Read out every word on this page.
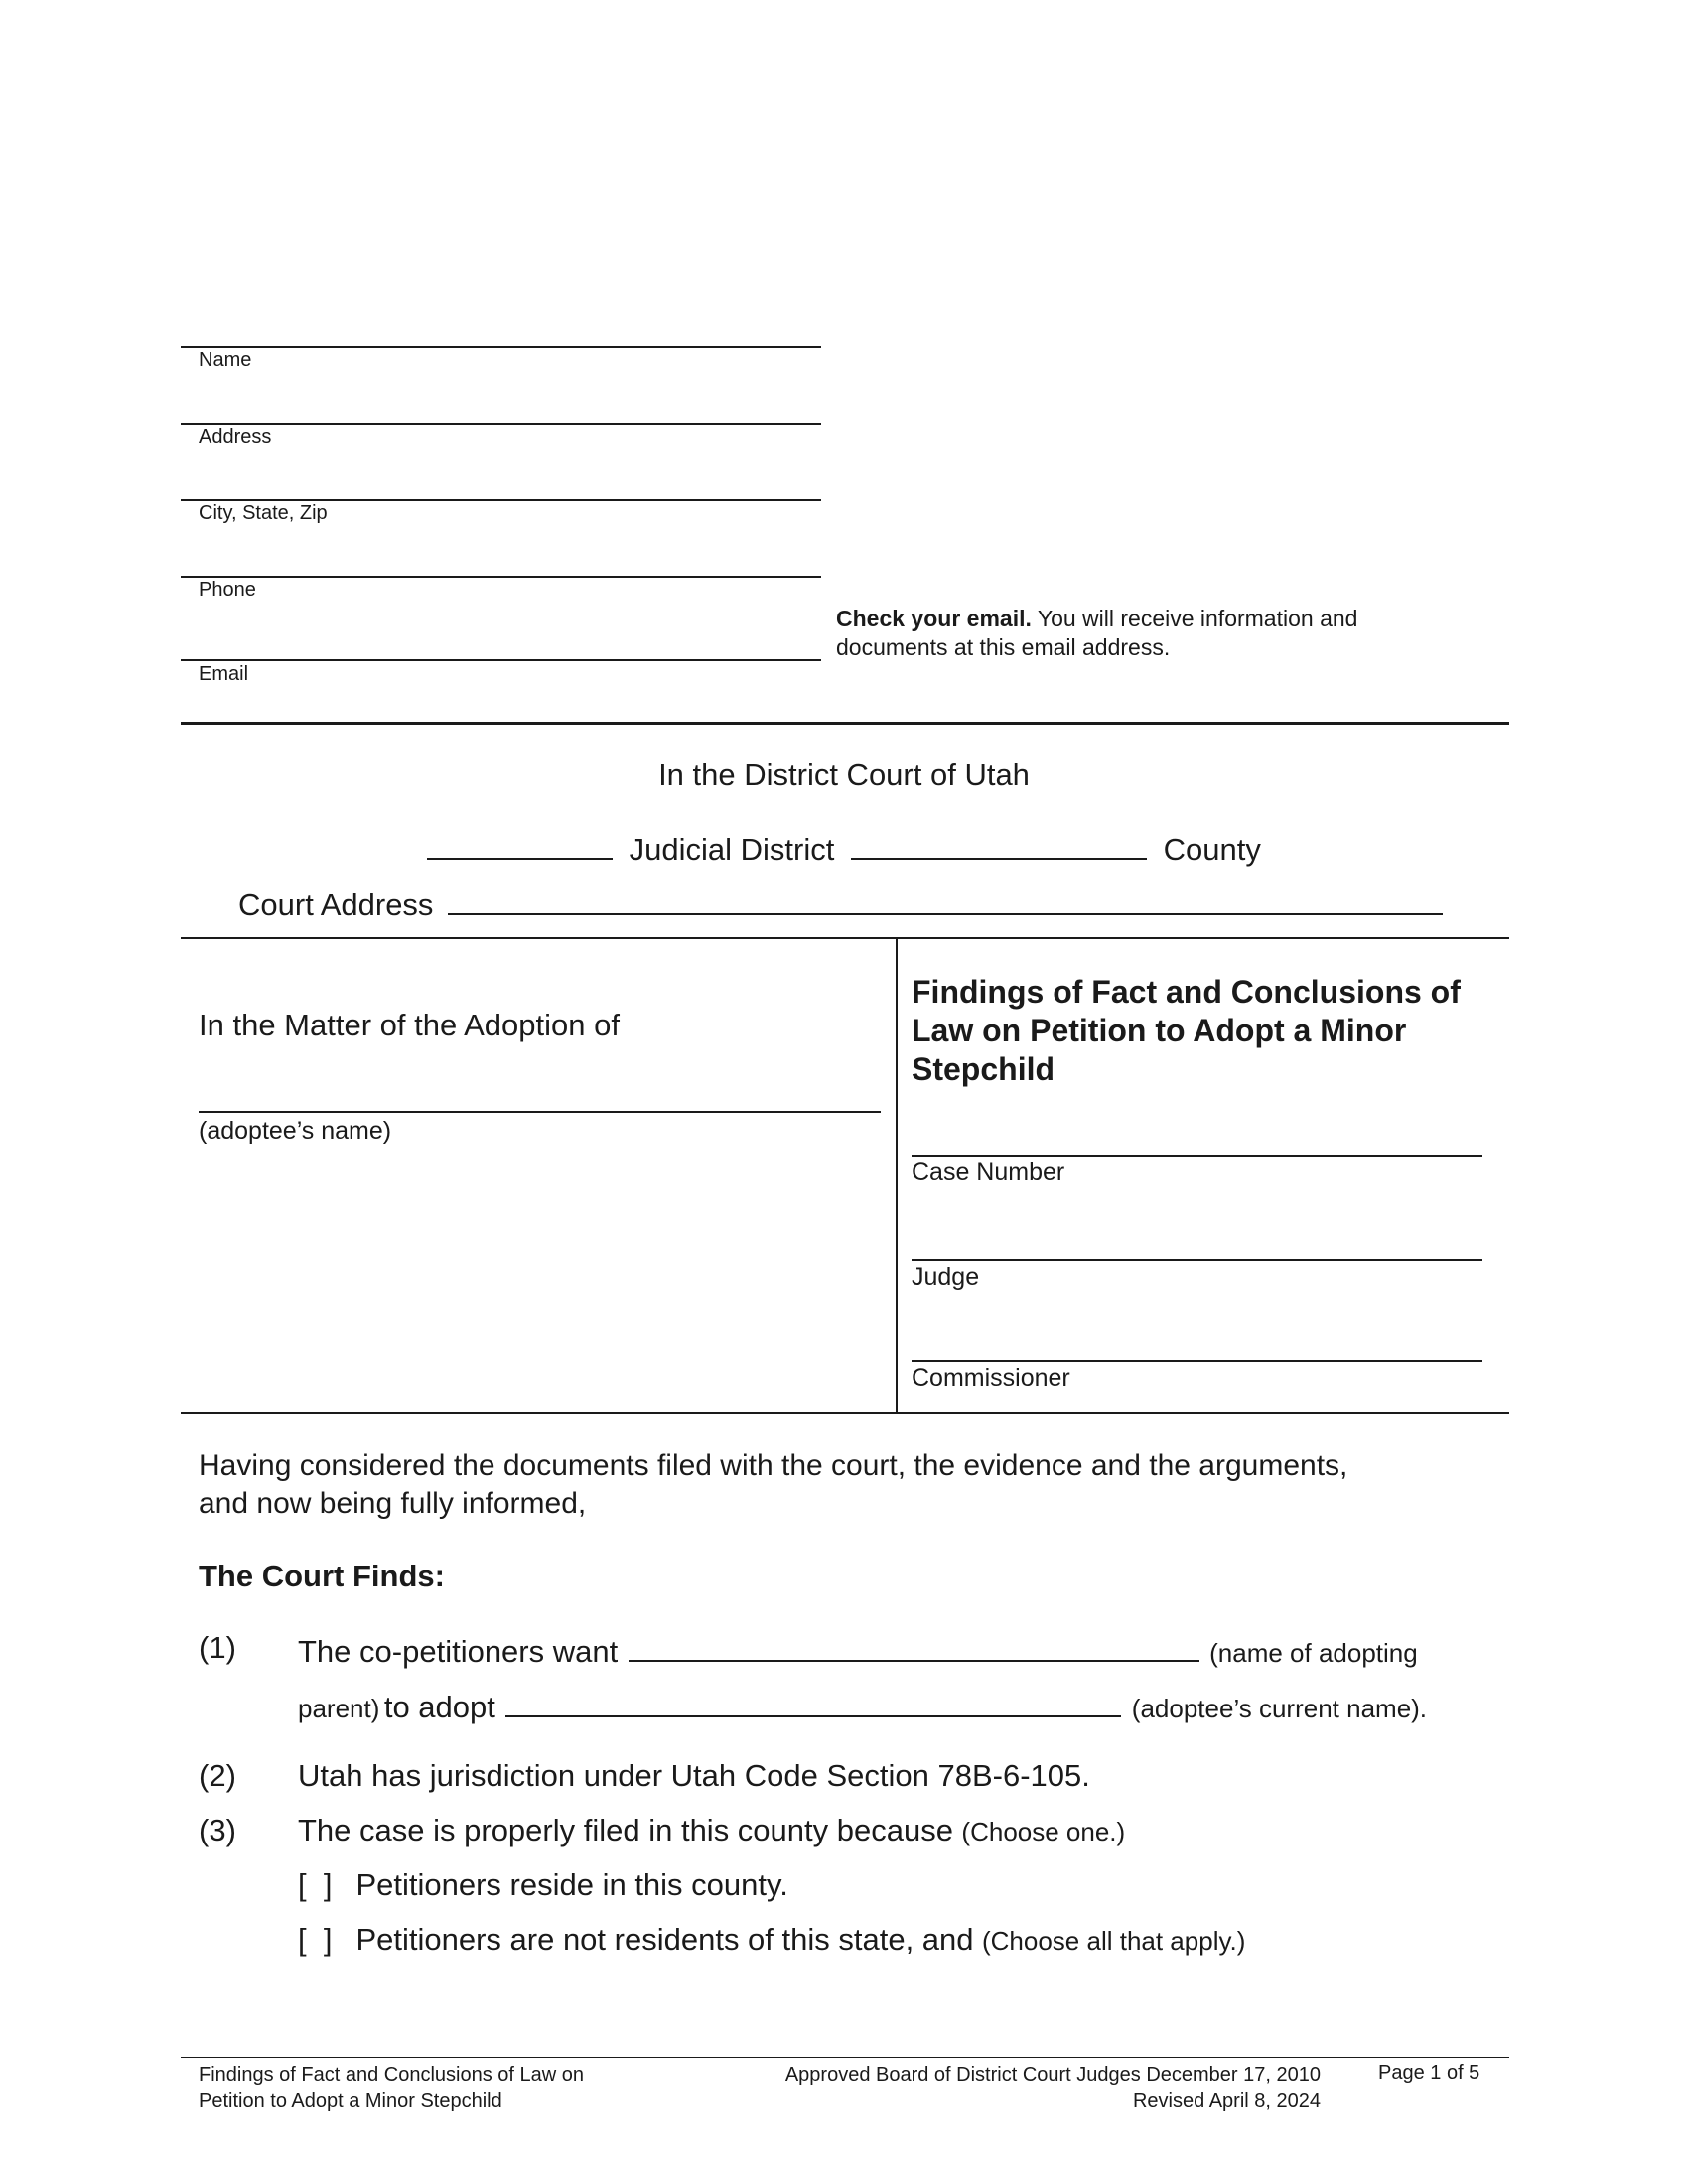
Name
Address
City, State, Zip
Phone
Email
Check your email. You will receive information and
documents at this email address.
In the District Court of Utah
Judicial District	County
Court Address
In the Matter of the Adoption of
(adoptee’s name)
Findings of Fact and Conclusions of
Law on Petition to Adopt a Minor
Stepchild
Case Number
Judge
Commissioner
Having considered the documents filed with the court, the evidence and the arguments,
and now being fully informed,
The Court Finds:
(1) The co-petitioners want	(name of adopting
parent) to adopt	(adoptee’s current name).
(2) Utah has jurisdiction under Utah Code Section 78B-6-105.
(3) The case is properly filed in this county because (Choose one.)
[  ] Petitioners reside in this county.
[  ] Petitioners are not residents of this state, and (Choose all that apply.)
Findings of Fact and Conclusions of Law on
Petition to Adopt a Minor Stepchild
Approved Board of District Court Judges December 17, 2010
Revised April 8, 2024
Page 1 of 5
